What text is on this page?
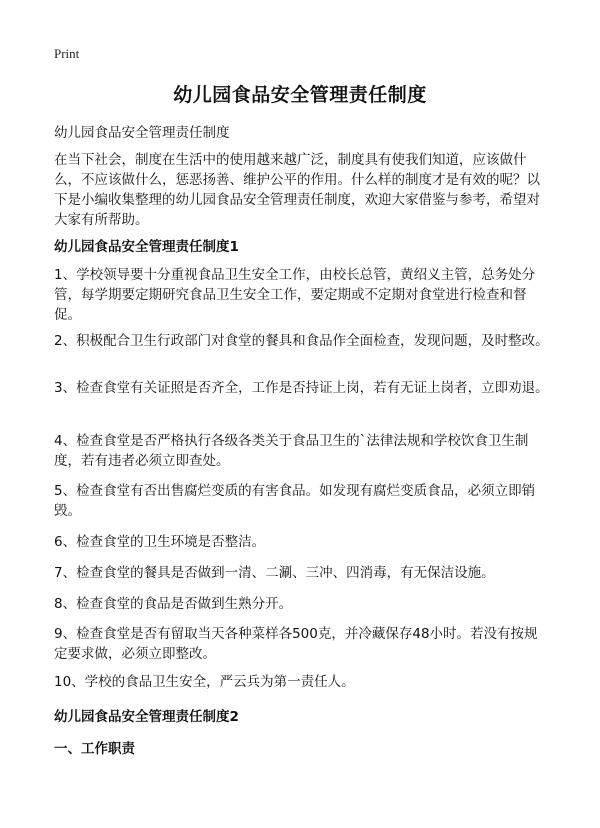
Print
幼儿园食品安全管理责任制度
幼儿园食品安全管理责任制度
在当下社会，制度在生活中的使用越来越广泛，制度具有使我们知道，应该做什么，不应该做什么，惩恶扬善、维护公平的作用。什么样的制度才是有效的呢？以下是小编收集整理的幼儿园食品安全管理责任制度，欢迎大家借鉴与参考，希望对大家有所帮助。
幼儿园食品安全管理责任制度1
1、学校领导要十分重视食品卫生安全工作，由校长总管，黄绍义主管，总务处分管，每学期要定期研究食品卫生安全工作，要定期或不定期对食堂进行检查和督促。
2、积极配合卫生行政部门对食堂的餐具和食品作全面检查，发现问题，及时整改。
3、检查食堂有关证照是否齐全，工作是否持证上岗，若有无证上岗者，立即劝退。
4、检查食堂是否严格执行各级各类关于食品卫生的`法律法规和学校饮食卫生制度，若有违者必须立即查处。
5、检查食堂有否出售腐烂变质的有害食品。如发现有腐烂变质食品，必须立即销毁。
6、检查食堂的卫生环境是否整洁。
7、检查食堂的餐具是否做到一清、二涮、三冲、四消毒，有无保洁设施。
8、检查食堂的食品是否做到生熟分开。
9、检查食堂是否有留取当天各种菜样各500克，并冷藏保存48小时。若没有按规定要求做，必须立即整改。
10、学校的食品卫生安全，严云兵为第一责任人。
幼儿园食品安全管理责任制度2
一、工作职责
